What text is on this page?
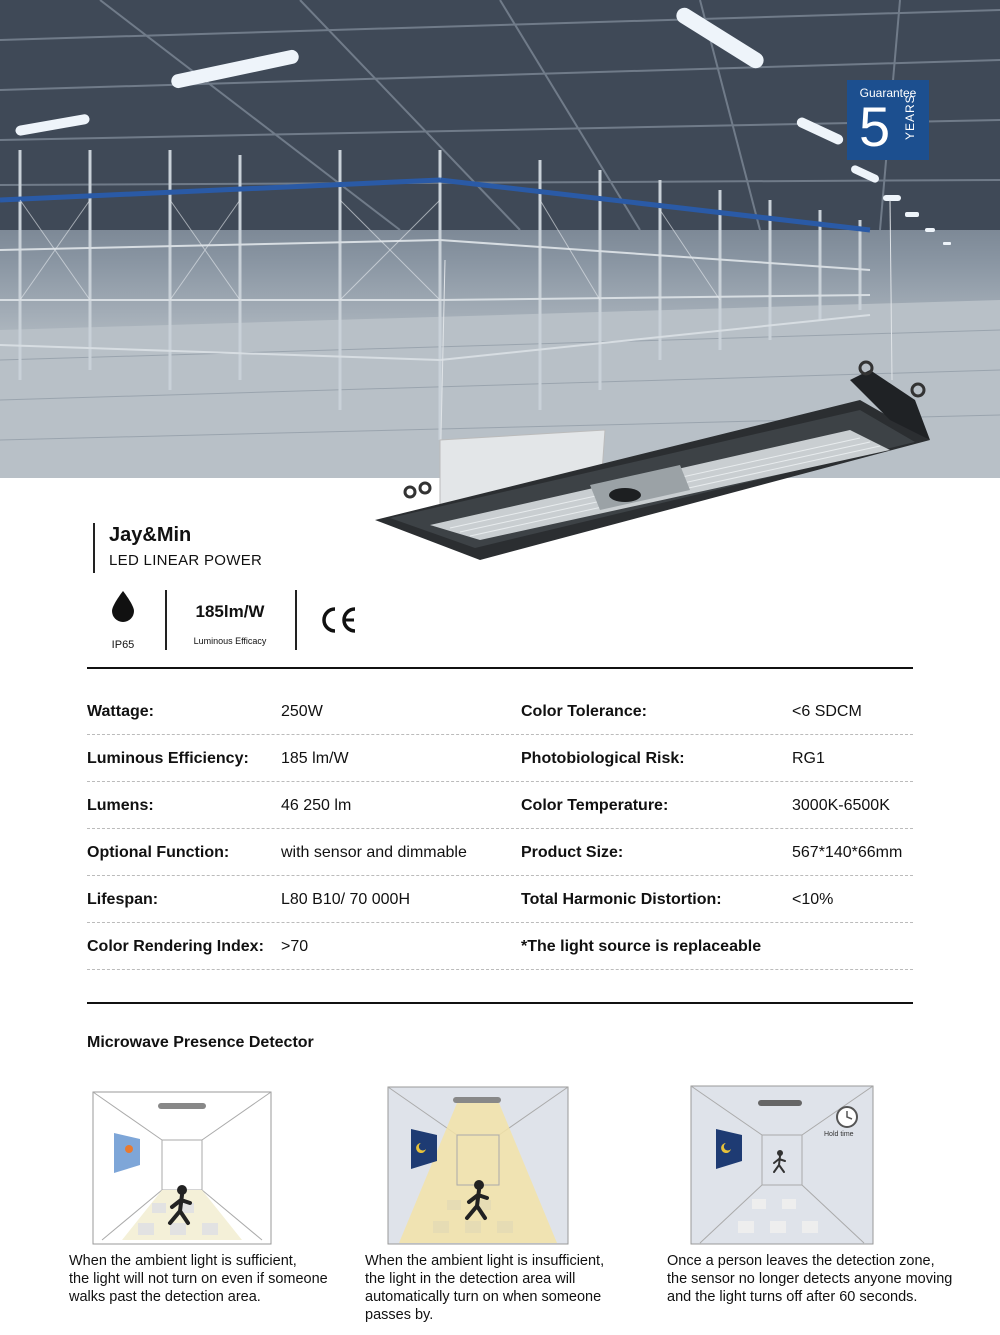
Guarantee
5 YEARS
Jay&Min
LED LINEAR POWER
IP65
185lm/W
Luminous Efficacy
Wattage:	250W	Color Tolerance:	<6 SDCM
Luminous Efficiency: 185 lm/W	Photobiological Risk:	RG1
Lumens:	46 250 lm	Color Temperature:	3000K-6500K
Optional Function:	with sensor and dimmable	Product Size:	567*140*66mm
Lifespan:	L80 B10/ 70 000H	Total Harmonic Distortion:	<10%
Color Rendering Index: >70	*The light source is replaceable
Microwave Presence Detector
When the ambient light is sufficient,
the light will not turn on even if someone
walks past the detection area.
When the ambient light is insufficient,
the light in the detection area will
automatically turn on when someone
passes by.
Hold time
Once a person leaves the detection zone,
the sensor no longer detects anyone moving
and the light turns off after 60 seconds.
